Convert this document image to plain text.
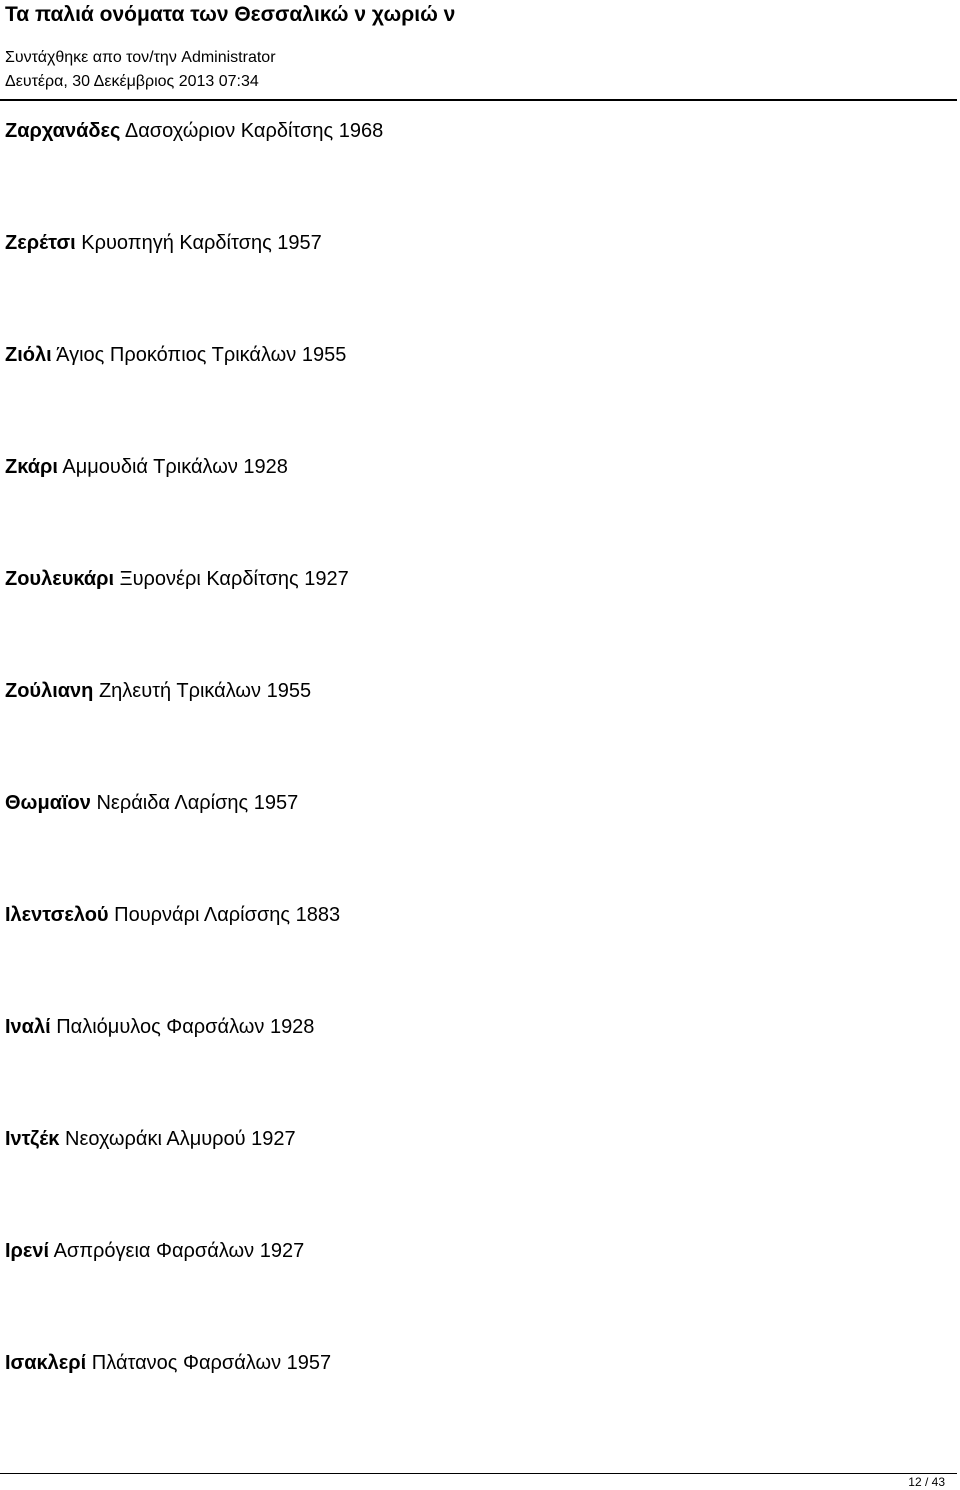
Τα παλιά ονόματα των Θεσσαλικώ ν χωριώ ν
Συντάχθηκε απο τον/την Administrator
Δευτέρα, 30 Δεκέμβριος 2013 07:34
Ζαρχανάδες Δασοχώριον Καρδίτσης 1968
Ζερέτσι Κρυοπηγή Καρδίτσης 1957
Ζιόλι Άγιος Προκόπιος Τρικάλων 1955
Ζκάρι Αμμουδιά Τρικάλων 1928
Ζουλευκάρι Ξυρονέρι Καρδίτσης 1927
Ζούλιανη Ζηλευτή Τρικάλων 1955
Θωμαϊον Νεράιδα Λαρίσης 1957
Ιλεντσελού Πουρνάρι Λαρίσσης 1883
Ιναλί Παλιόμυλος Φαρσάλων 1928
Ιντζέκ Νεοχωράκι Αλμυρού 1927
Ιρενί Ασπρόγεια Φαρσάλων 1927
Ισακλερί Πλάτανος Φαρσάλων 1957
12 / 43
